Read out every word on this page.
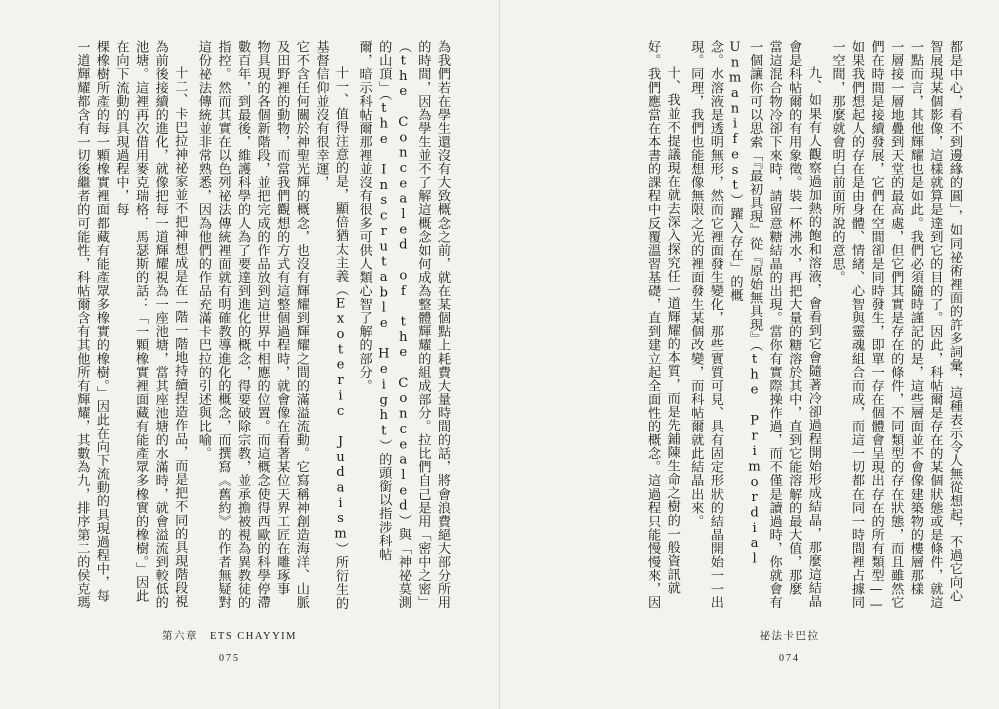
為我們若在學生還沒有大致概念之前，就在某個點上耗費大量時間的話，將會浪費絕大部分所用

的時間，因為學生並不了解這概念如何成為整體輝耀的組成部分。拉比們自己是用「密中之密」

（the Concealed of the Concealed）與「神祕莫測的山頂」（the Inscrutable Height）的頭銜以指涉科帖

爾，暗示科帖爾那裡並沒有很多可供人類心智了解的部分。

十一、值得注意的是，顯倍猶太主義（Exoteric Judaism）所衍生的基督信仰並沒有很幸運，

它不含任何關於神聖光輝的概念，也沒有輝耀到輝耀之間的滿溢流動。它寫稱神創造海洋、山脈

及田野裡的動物，而當我們觀想的方式有這整個過程時，就會像在看著某位天界工匠在雕琢事

物具現的各個新階段，並把完成的作品放到這世界中相應的位置。而這概念使得西歐的科學停滯

數百年，到最後，維護科學的人為了要達到進化的概念，得要破除宗教，並承擔被視為異教徒的

指控。然而其實在以色列祕法傳統裡面就有明確教導進化的概念，而撰寫《舊約》的作者無疑對

這份祕法傳統並非常熟悉，因為他們的作品充滿卡巴拉的引述與比喻。

十二、卡巴拉神祕家並不把神想成是在一階一階地持續捏造作品，而是把不同的具現階段視

為前後接續的進化，就像把每一道輝耀視為一座池塘，當其座池塘的水滿時，就會溢流到較低的

池塘。這裡再次借用麥克瑞格．馬瑟斯的話：「一顆橡實裡面藏有能產眾多橡實的橡樹。」因此在向下流動的具現過程中，每

棵橡樹所產的每一顆橡實裡面都藏有能產眾多橡實的橡樹。」因此在向下流動的具現過程中，每

一道輝耀都含有一切後繼者的可能性，科帖爾含有其他所有輝耀，其數為九，排序第二的侯克瑪

第六章　ETS CHAYYIM
075

都是中心，看不到邊緣的圓」，如同祕術裡面的許多詞彙，這種表示令人無從想起，不過它向心

智展現某個影像，這樣就算是達到它的目的了。因此，科帖爾是存在的某個狀態或是條件，就這

一點而言，其他輝耀也是如此。我們必須隨時謹記的是，這些層面並不會像建築物的樓層那樣

一層接一層地疊到天堂的最高處，但它們其實是存在的條件，不同類型的存在狀態，而且雖然它

們在時間是接續發展，它們在空間卻是同時發生，即單一存在個體會呈現出存在的所有類型——

如果我們想起人的存在是由身體、情緒、心智與靈魂組合而成，而這一切都在同一時間裡占據同

一空間，那麼就會明白前面所說的意思。

九、如果有人觀察過加熱的飽和溶液，會看到它會隨著冷卻過程開始形成結晶，那麼這結晶

會是科帖爾的有用象徵。裝一杯沸水，再把大量的糖溶於其中，直到它能溶解的最大值，那麼

當這混合物冷卻下來時，請留意糖結晶的出現。當你有實際操作過，而不僅是讀過時，你就會有

一個讓你可以思索「『最初具現』從『原始無具現』（the Primordial Unmanifest）躍入存在」的概

念。水溶液是透明無形，然而它裡面發生變化，那些實質可見、具有固定形狀的結晶開始一一出

現。同理，我們也能想像無限之光的裡面發生某個改變，而科帖爾就此結晶出來。

十、我並不提議現在就去深入探究任一道輝耀的本質，而是先鋪陳生命之樹的一般資訊就

好。我們應當在本書的課程中反覆溫習基礎，直到建立起全面性的概念。這過程只能慢慢來，因

祕法卡巴拉
074
